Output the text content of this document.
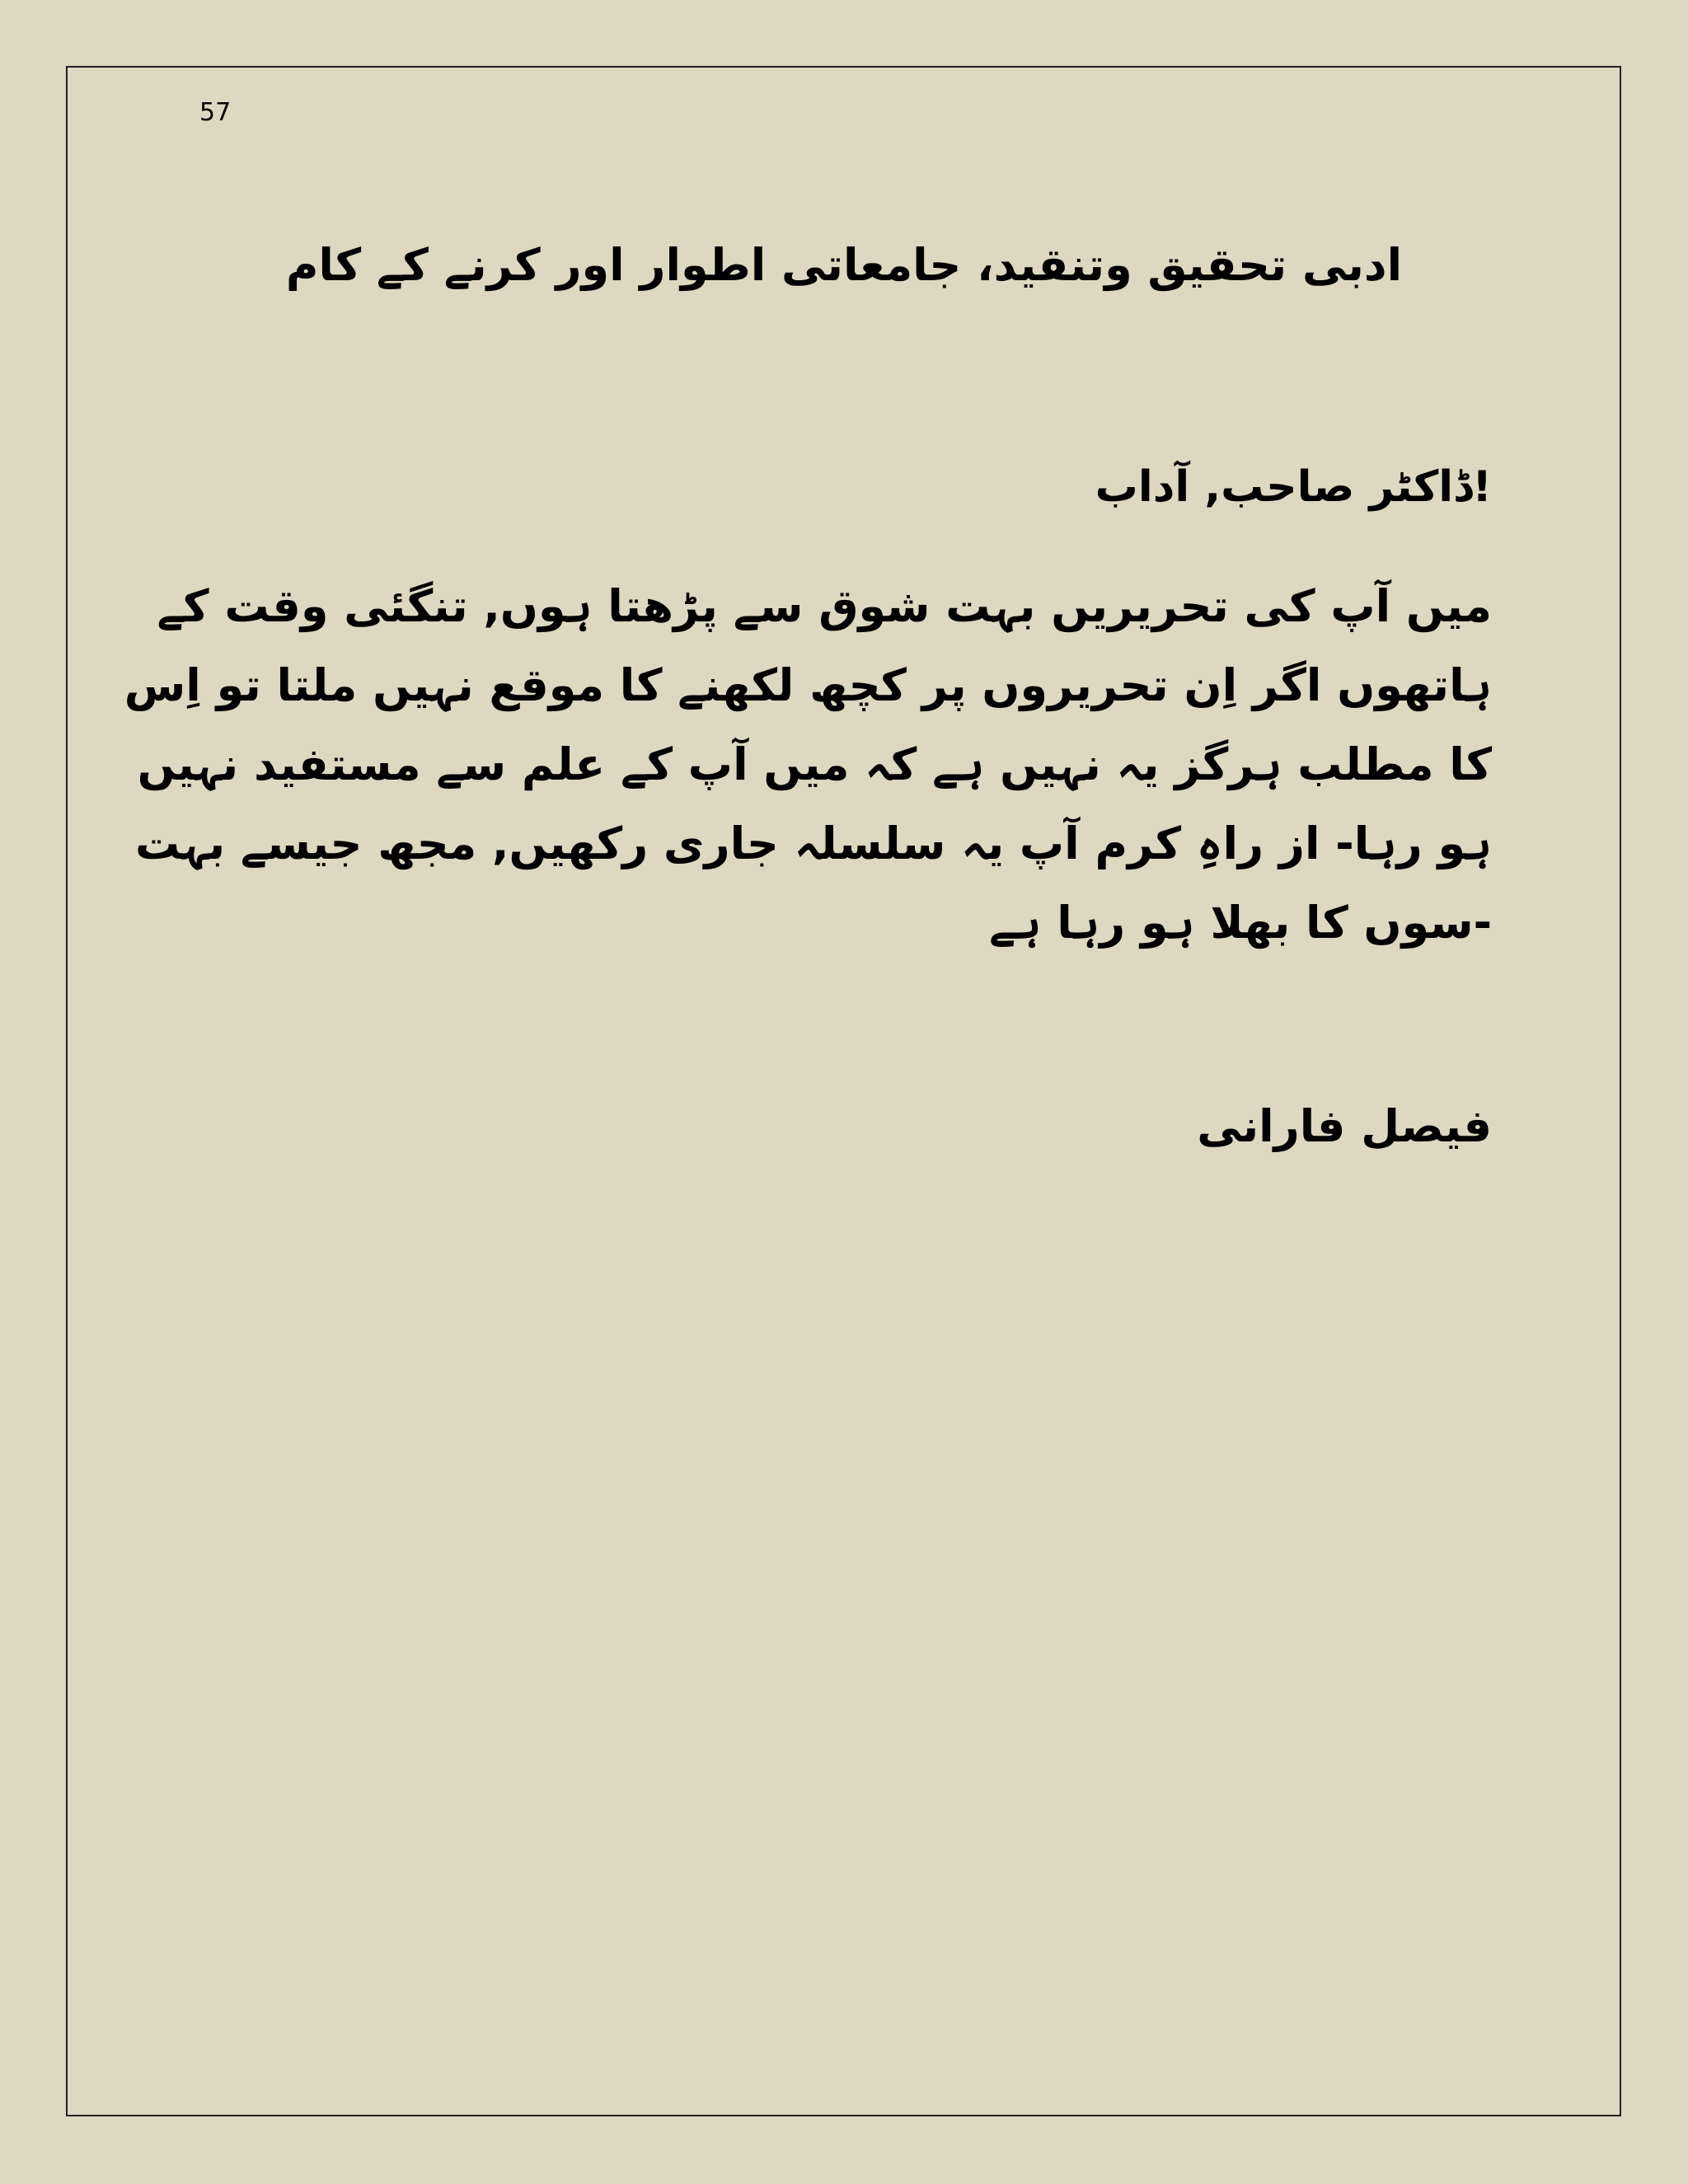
57
ادبی تحقیق وتنقید، جامعاتی اطوار اور کرنے کے کام
!ڈاکٹر صاحب, آداب
میں آپ کی تحریریں بہت شوق سے پڑھتا ہوں, تنگئی وقت کے
ہاتھوں اگر اِن تحریروں پر کچھ لکھنے کا موقع نہیں ملتا تو اِس
کا مطلب ہرگز یہ نہیں ہے کہ میں آپ کے علم سے مستفید نہیں
ہو رہا- از راہِ کرم آپ یہ سلسلہ جاری رکھیں, مجھ جیسے بہت
-سوں کا بھلا ہو رہا ہے
فیصل فارانی
